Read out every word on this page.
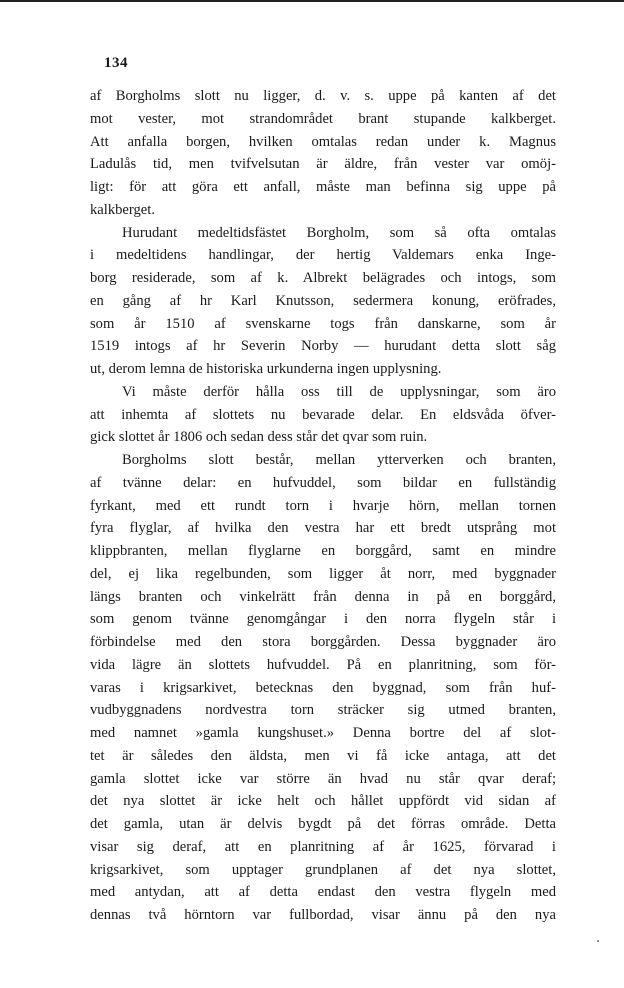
134
af Borgholms slott nu ligger, d. v. s. uppe på kanten af det
mot vester, mot strandområdet brant stupande kalkberget.
Att anfalla borgen, hvilken omtalas redan under k. Magnus
Ladulås tid, men tvifvelsutan är äldre, från vester var omöj-
ligt: för att göra ett anfall, måste man befinna sig uppe på
kalkberget.
Hurudant medeltidsfästet Borgholm, som så ofta omtalas
i medeltidens handlingar, der hertig Valdemars enka Inge-
borg residerade, som af k. Albrekt belägrades och intogs, som
en gång af hr Karl Knutsson, sedermera konung, eröfrades,
som år 1510 af svenskarne togs från danskarne, som år
1519 intogs af hr Severin Norby — hurudant detta slott såg
ut, derom lemna de historiska urkunderna ingen upplysning.
Vi måste derför hålla oss till de upplysningar, som äro
att inhemta af slottets nu bevarade delar. En eldsvåda öfver-
gick slottet år 1806 och sedan dess står det qvar som ruin.
Borgholms slott består, mellan ytterverken och branten,
af tvänne delar: en hufvuddel, som bildar en fullständig
fyrkant, med ett rundt torn i hvarje hörn, mellan tornen
fyra flyglar, af hvilka den vestra har ett bredt utsprång mot
klippbranten, mellan flyglarne en borggård, samt en mindre
del, ej lika regelbunden, som ligger åt norr, med byggnader
längs branten och vinkelrätt från denna in på en borggård,
som genom tvänne genomgångar i den norra flygeln står i
förbindelse med den stora borggården. Dessa byggnader äro
vida lägre än slottets hufvuddel. På en planritning, som för-
varas i krigsarkivet, betecknas den byggnad, som från huf-
vudbyggnadens nordvestra torn sträcker sig utmed branten,
med namnet »gamla kungshuset.» Denna bortre del af slot-
tet är således den äldsta, men vi få icke antaga, att det
gamla slottet icke var större än hvad nu står qvar deraf;
det nya slottet är icke helt och hållet uppfördt vid sidan af
det gamla, utan är delvis bygdt på det förras område. Detta
visar sig deraf, att en planritning af år 1625, förvarad i
krigsarkivet, som upptager grundplanen af det nya slottet,
med antydan, att af detta endast den vestra flygeln med
dennas två hörntorn var fullbordad, visar ännu på den nya
